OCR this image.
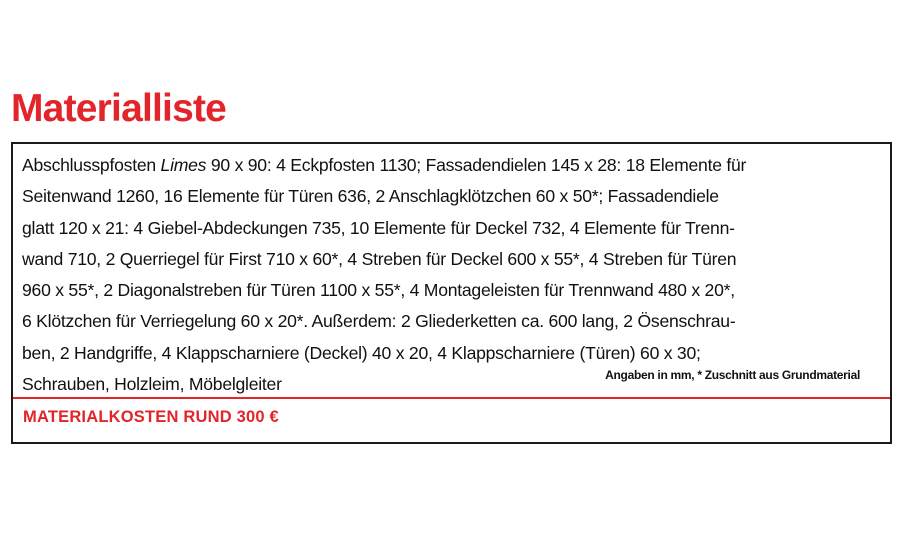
Materialliste

Abschlusspfosten Limes 90 x 90: 4 Eckpfosten 1130; Fassadendielen 145 x 28: 18 Elemente für
Seitenwand 1260, 16 Elemente für Türen 636, 2 Anschlagklötzchen 60 x 50*; Fassadendiele
glatt 120 x 21: 4 Giebel-Abdeckungen 735, 10 Elemente für Deckel 732, 4 Elemente für Trenn-
wand 710, 2 Querriegel für First 710 x 60*, 4 Streben für Deckel 600 x 55*, 4 Streben für Türen
960 x 55*, 2 Diagonalstreben für Türen 1100 x 55*, 4 Montageleisten für Trennwand 480 x 20*,
6 Klötzchen für Verriegelung 60 x 20*. Außerdem: 2 Gliederketten ca. 600 lang, 2 Ösenschrau-
ben, 2 Handgriffe, 4 Klappscharniere (Deckel) 40 x 20, 4 Klappscharniere (Türen) 60 x 30;
Schrauben, Holzleim, Möbelgleiter	Angaben in mm, * Zuschnitt aus Grundmaterial
MATERIALKOSTEN RUND 300 €
